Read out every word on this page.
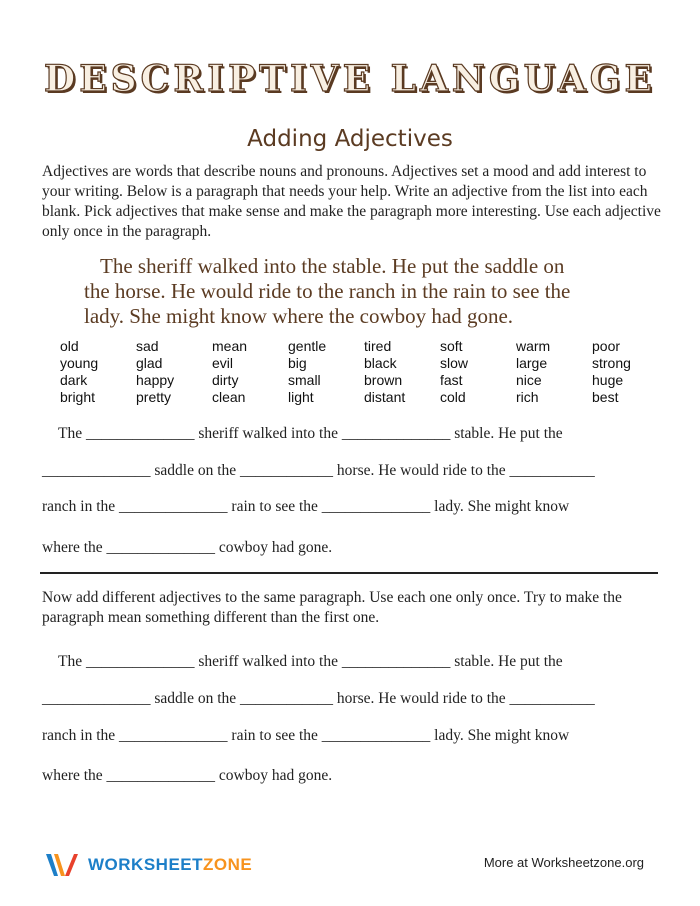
DESCRIPTIVE LANGUAGE
Adding Adjectives
Adjectives are words that describe nouns and pronouns. Adjectives set a mood and add interest to your writing. Below is a paragraph that needs your help. Write an adjective from the list into each blank. Pick adjectives that make sense and make the paragraph more interesting. Use each adjective only once in the paragraph.
The sheriff walked into the stable. He put the saddle on
the horse. He would ride to the ranch in the rain to see the
lady. She might know where the cowboy had gone.
old	sad	mean	gentle	tired	soft	warm	poor
young	glad	evil	big	black	slow	large	strong
dark	happy	dirty	small	brown	fast	nice	huge
bright	pretty	clean	light	distant	cold	rich	best
The ______________ sheriff walked into the ______________ stable. He put the
______________ saddle on the ____________ horse. He would ride to the ___________
ranch in the ______________ rain to see the ______________ lady. She might know
where the ______________ cowboy had gone.
Now add different adjectives to the same paragraph. Use each one only once. Try to make the paragraph mean something different than the first one.
The ______________ sheriff walked into the ______________ stable. He put the
______________ saddle on the ____________ horse. He would ride to the ___________
ranch in the ______________ rain to see the ______________ lady. She might know
where the ______________ cowboy had gone.
WORKSHEETZONE	More at Worksheetzone.org
